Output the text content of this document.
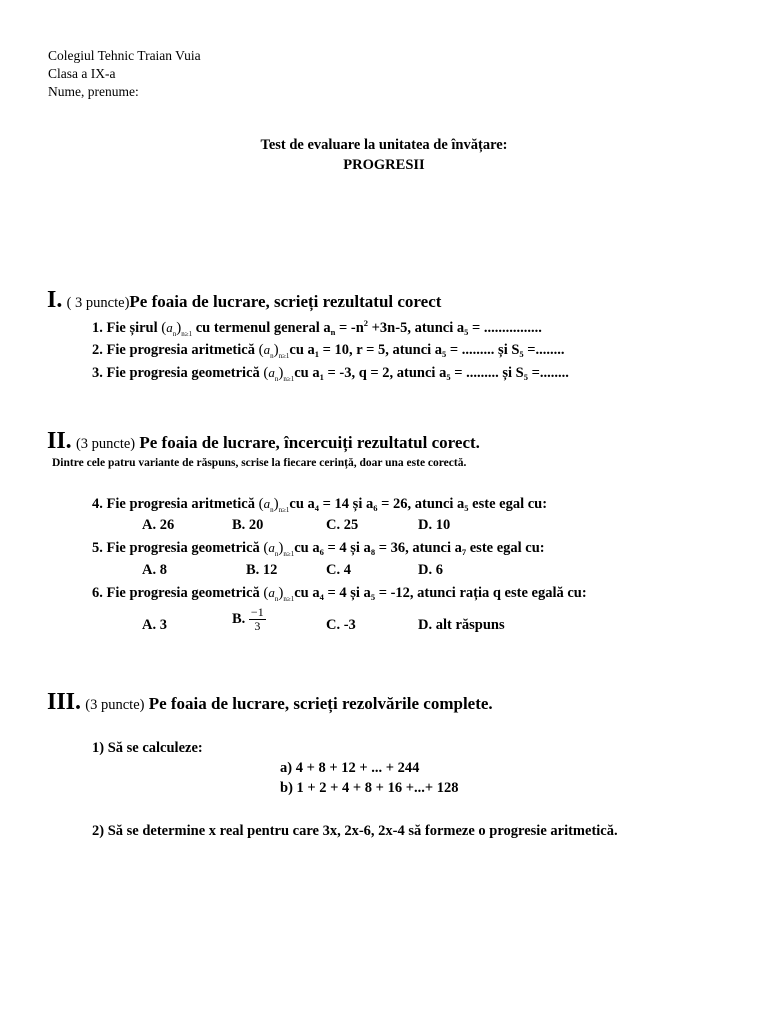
Colegiul Tehnic Traian Vuia
Clasa a IX-a
Nume, prenume:
Test de evaluare la unitatea de învățare:
PROGRESII
I. ( 3 puncte)Pe foaia de lucrare, scrieți rezultatul corect
1. Fie șirul $(a_n)_{n\ge 1}$ cu termenul general $a_n = -n^2 +3n-5$, atunci $a_5$ = ................
2. Fie progresia aritmetică $(a_n)_{n\ge 1}cu$ $a_1 = 10$, r = 5, atunci $a_5$ = ......... și $S_5$ =........
3. Fie progresia geometrică $(a_n)_{n\ge 1}cu$ $a_1 = -3$, q = 2, atunci $a_5$ = ......... și $S_5$ =........
II. (3 puncte) Pe foaia de lucrare, încercuiți rezultatul corect.
Dintre cele patru variante de răspuns, scrise la fiecare cerință, doar una este corectă.
4. Fie progresia aritmetică $(a_n)_{n\ge 1}cu$ $a_4 = 14$ și $a_6 = 26$, atunci $a_5$ este egal cu:
A. 26	B. 20	C. 25	D. 10
5. Fie progresia geometrică $(a_n)_{n\ge 1}cu$ $a_6 = 4$ și $a_8 = 36$, atunci $a_7$ este egal cu:
A. 8	B. 12	C. 4	D. 6
6. Fie progresia geometrică $(a_n)_{n\ge 1}cu$ $a_4 = 4$ și $a_5 = -12$, atunci rația q este egală cu:
A. 3	B. $\frac{-1}{3}$	C. -3	D. alt răspuns
III. (3 puncte) Pe foaia de lucrare, scrieți rezolvările complete.
1) Să se calculeze:
a) 4 + 8 + 12 + ... + 244
b) 1 + 2 + 4 + 8 + 16 +...+ 128
2) Să se determine x real pentru care 3x, 2x-6, 2x-4 să formeze o progresie aritmetică.
